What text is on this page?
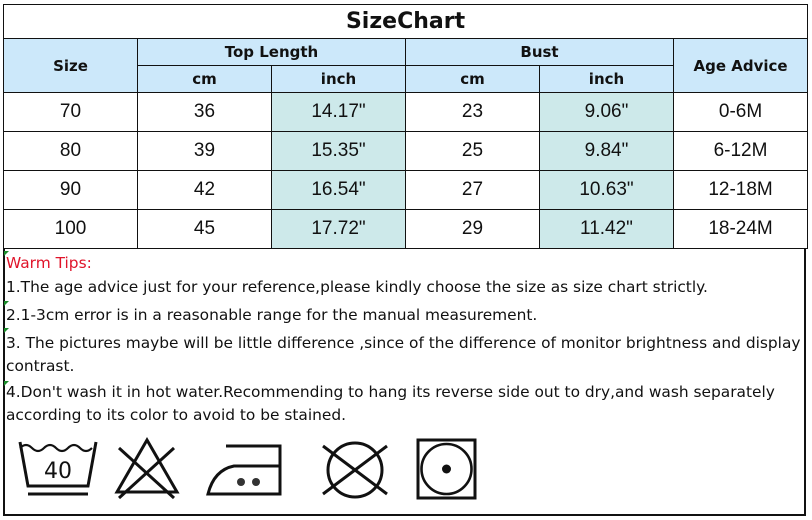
SizeChart					
Size	Top Length		Bust		Age Advice
	cm	inch	cm	inch	
70	36	14.17"	23	9.06"	0-6M
80	39	15.35"	25	9.84"	6-12M
90	42	16.54"	27	10.63"	12-18M
100	45	17.72"	29	11.42"	18-24M

Warm Tips:

1.The age advice just for your reference,please kindly choose the size as size chart strictly.

2.1-3cm error is in a reasonable range for the manual measurement.

3. The pictures maybe will be little difference ,since of the difference of monitor brightness and display contrast.

4.Don't wash it in hot water.Recommending to hang its reverse side out to dry,and wash separately according to its color to avoid to be stained.

40
